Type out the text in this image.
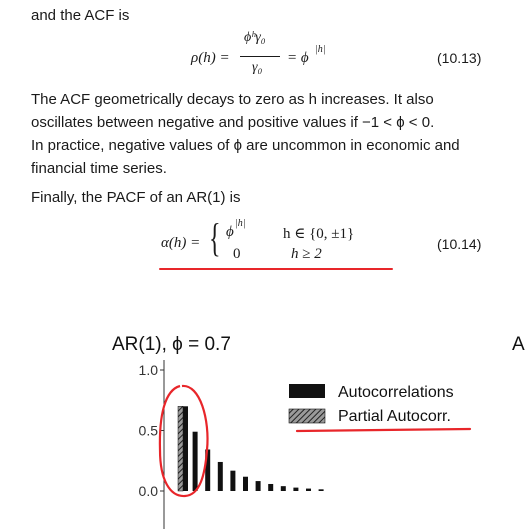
and the ACF is
ρ(h) =
ϕʰγ₀
γ₀
= ϕ
|h|
(10.13)
The ACF geometrically decays to zero as h increases. It also
oscillates between negative and positive values if −1 < ϕ < 0.
In practice, negative values of ϕ are uncommon in economic and
financial time series.
Finally, the PACF of an AR(1) is
α(h) = { ϕ
|h|
h ∈ {0, ±1}
0	h ≥ 2
(10.14)
AR(1), ϕ = 0.7	A
1.0
0.5
0.0
Autocorrelations
Partial Autocorr.
